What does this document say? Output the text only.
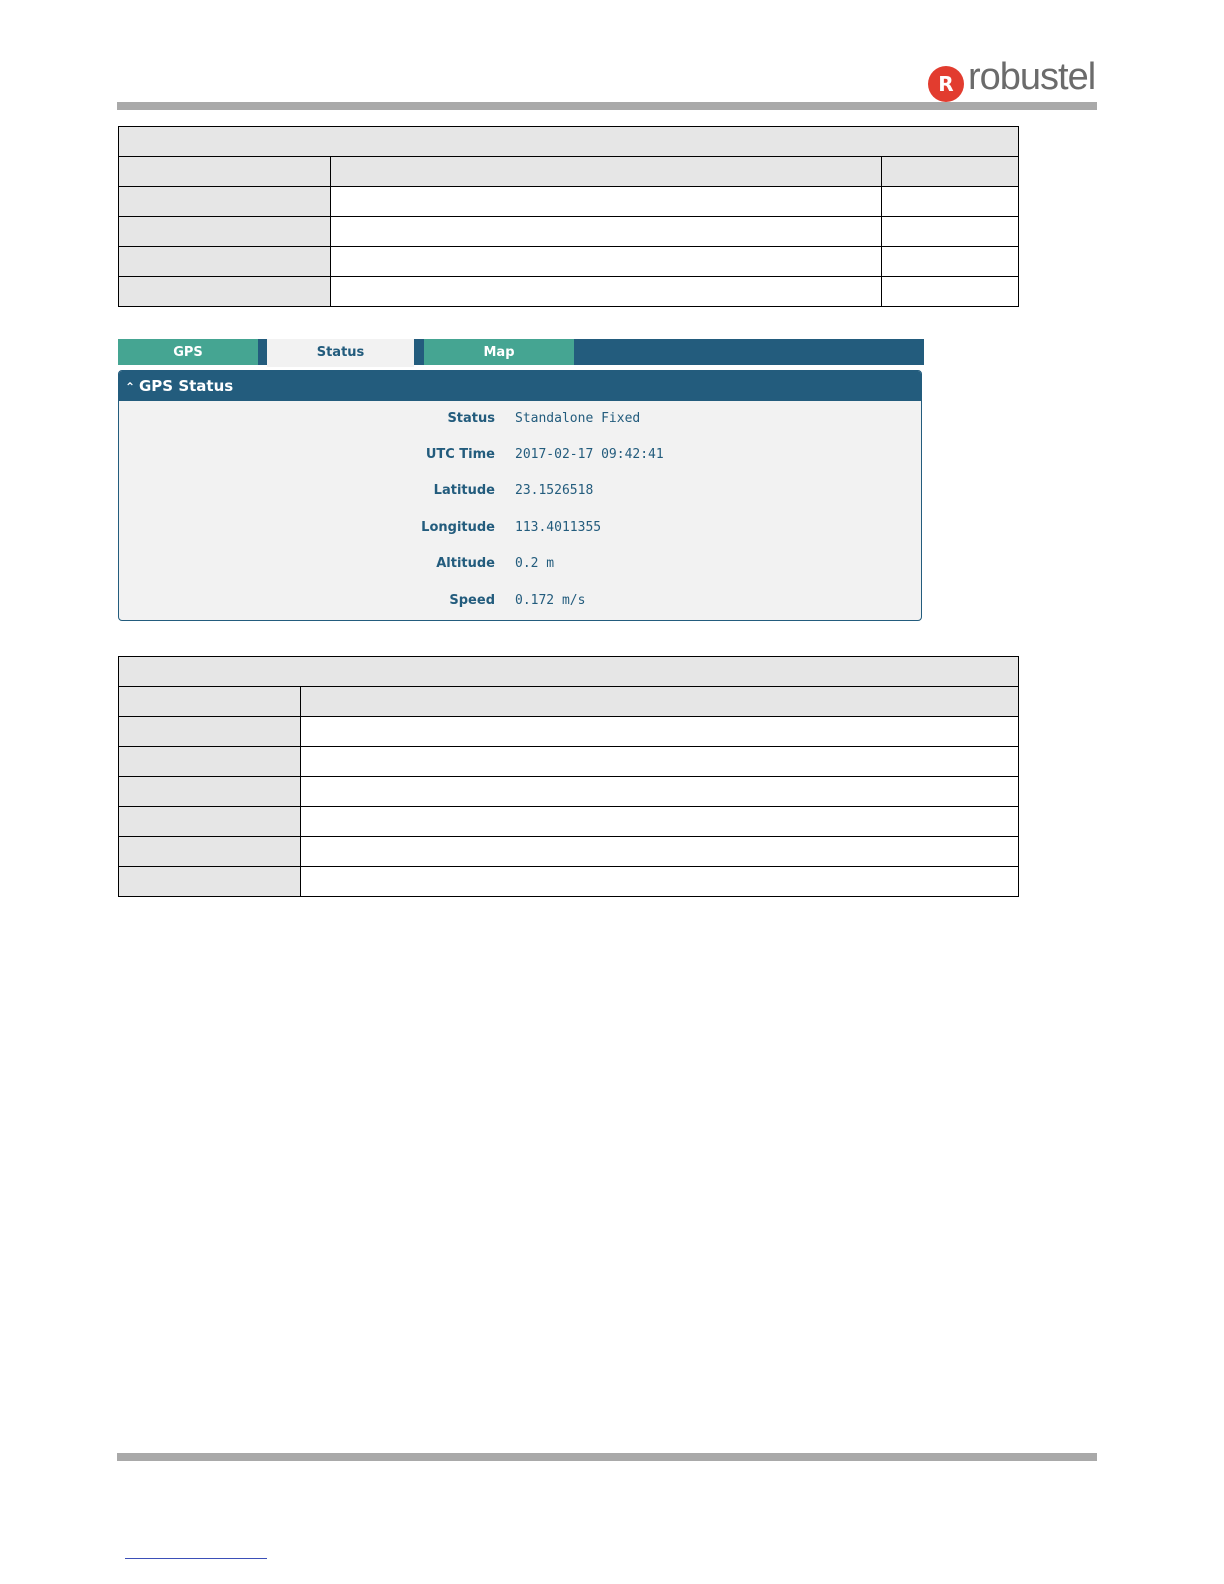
R robustel

GPS	Status	Map
⌃ GPS Status
Status Standalone Fixed
UTC Time 2017-02-17 09:42:41
Latitude 23.1526518
Longitude 113.4011355
Altitude 0.2 m
Speed 0.172 m/s
